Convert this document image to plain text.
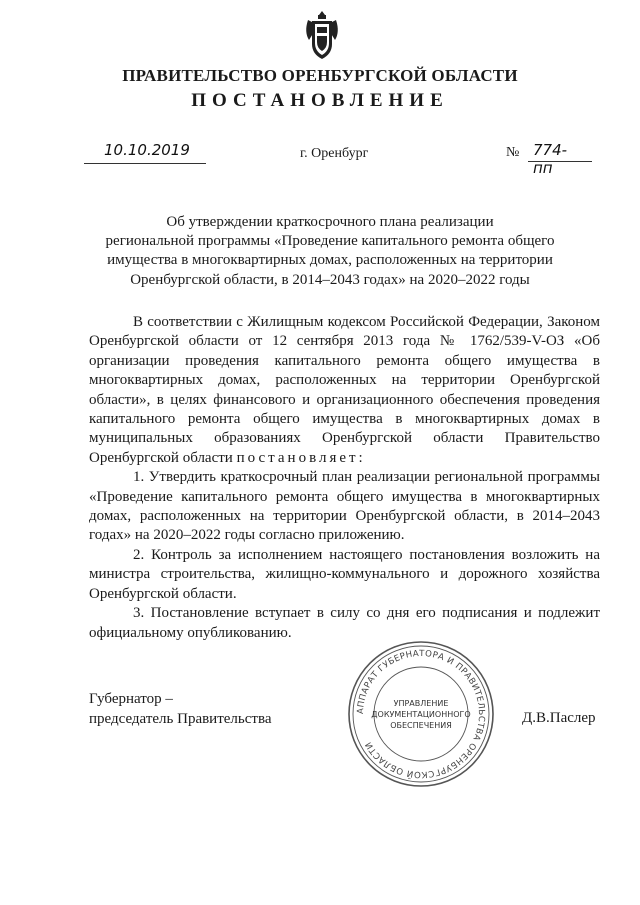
ПРАВИТЕЛЬСТВО ОРЕНБУРГСКОЙ ОБЛАСТИ
ПОСТАНОВЛЕНИЕ
10.10.2019	г. Оренбург	№ 774-пп
Об утверждении краткосрочного плана реализации
региональной программы «Проведение капитального ремонта общего
имущества в многоквартирных домах, расположенных на территории
Оренбургской области, в 2014–2043 годах» на 2020–2022 годы

В соответствии с Жилищным кодексом Российской Федерации, Законом Оренбургской области от 12 сентября 2013 года № 1762/539-V-ОЗ «Об организации проведения капитального ремонта общего имущества в многоквартирных домах, расположенных на территории Оренбургской области», в целях финансового и организационного обеспечения проведения капитального ремонта общего имущества в многоквартирных домах в муниципальных образованиях Оренбургской области Правительство Оренбургской области постановляет:

1. Утвердить краткосрочный план реализации региональной программы «Проведение капитального ремонта общего имущества в многоквартирных домах, расположенных на территории Оренбургской области, в 2014–2043 годах» на 2020–2022 годы согласно приложению.

2. Контроль за исполнением настоящего постановления возложить на министра строительства, жилищно-коммунального и дорожного хозяйства Оренбургской области.

3. Постановление вступает в силу со дня его подписания и подлежит официальному опубликованию.

Губернатор –
председатель Правительства	Д.В.Паслер
АППАРАТ ГУБЕРНАТОРА И ПРАВИТЕЛЬСТВА ОРЕНБУРГСКОЙ ОБЛАСТИ
УПРАВЛЕНИЕ
ДОКУМЕНТАЦИОННОГО
ОБЕСПЕЧЕНИЯ
